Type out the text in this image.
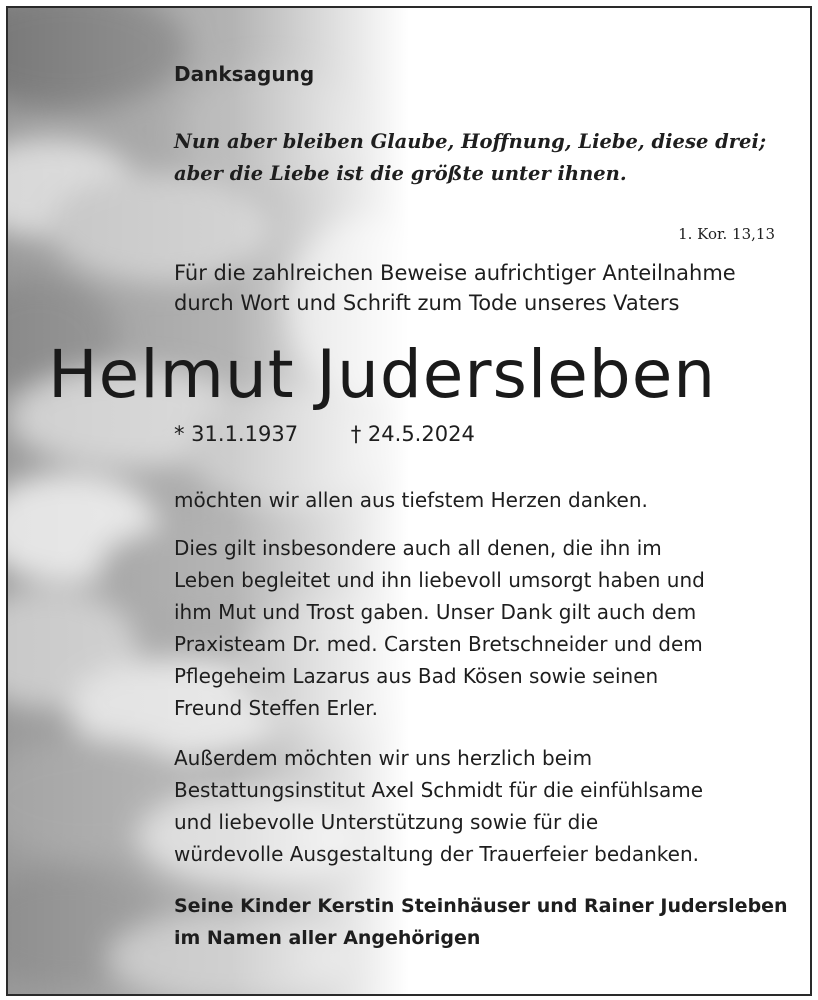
Danksagung
Nun aber bleiben Glaube, Hoffnung, Liebe, diese drei;
aber die Liebe ist die größte unter ihnen.
1. Kor. 13,13
Für die zahlreichen Beweise aufrichtiger Anteilnahme
durch Wort und Schrift zum Tode unseres Vaters
Helmut Judersleben
* 31.1.1937	† 24.5.2024
möchten wir allen aus tiefstem Herzen danken.
Dies gilt insbesondere auch all denen, die ihn im
Leben begleitet und ihn liebevoll umsorgt haben und
ihm Mut und Trost gaben. Unser Dank gilt auch dem
Praxisteam Dr. med. Carsten Bretschneider und dem
Pflegeheim Lazarus aus Bad Kösen sowie seinen
Freund Steffen Erler.
Außerdem möchten wir uns herzlich beim
Bestattungsinstitut Axel Schmidt für die einfühlsame
und liebevolle Unterstützung sowie für die
würdevolle Ausgestaltung der Trauerfeier bedanken.
Seine Kinder Kerstin Steinhäuser und Rainer Judersleben
im Namen aller Angehörigen
